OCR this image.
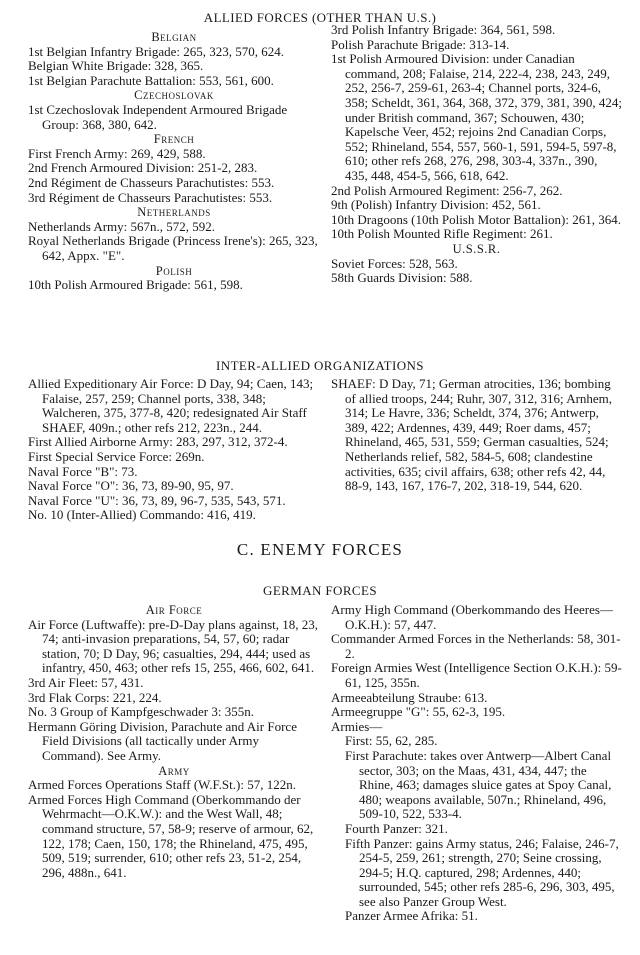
ALLIED FORCES (OTHER THAN U.S.)

Belgian

1st Belgian Infantry Brigade: 265, 323, 570, 624.

Belgian White Brigade: 328, 365.

1st Belgian Parachute Battalion: 553, 561, 600.

Czechoslovak

1st Czechoslovak Independent Armoured Brigade Group: 368, 380, 642.

French

First French Army: 269, 429, 588.

2nd French Armoured Division: 251-2, 283.

2nd Régiment de Chasseurs Parachutistes: 553.

3rd Régiment de Chasseurs Parachutistes: 553.

Netherlands

Netherlands Army: 567n., 572, 592.

Royal Netherlands Brigade (Princess Irene's): 265, 323, 642, Appx. "E".

Polish

10th Polish Armoured Brigade: 561, 598.

3rd Polish Infantry Brigade: 364, 561, 598.

Polish Parachute Brigade: 313-14.

1st Polish Armoured Division: under Canadian command, 208; Falaise, 214, 222-4, 238, 243, 249, 252, 256-7, 259-61, 263-4; Channel ports, 324-6, 358; Scheldt, 361, 364, 368, 372, 379, 381, 390, 424; under British command, 367; Schouwen, 430; Kapelsche Veer, 452; rejoins 2nd Canadian Corps, 552; Rhineland, 554, 557, 560-1, 591, 594-5, 597-8, 610; other refs 268, 276, 298, 303-4, 337n., 390, 435, 448, 454-5, 566, 618, 642.

2nd Polish Armoured Regiment: 256-7, 262.

9th (Polish) Infantry Division: 452, 561.

10th Dragoons (10th Polish Motor Battalion): 261, 364.

10th Polish Mounted Rifle Regiment: 261.

U.S.S.R.

Soviet Forces: 528, 563.

58th Guards Division: 588.

INTER-ALLIED ORGANIZATIONS

Allied Expeditionary Air Force: D Day, 94; Caen, 143; Falaise, 257, 259; Channel ports, 338, 348; Walcheren, 375, 377-8, 420; redesignated Air Staff SHAEF, 409n.; other refs 212, 223n., 244.

First Allied Airborne Army: 283, 297, 312, 372-4.

First Special Service Force: 269n.

Naval Force "B": 73.

Naval Force "O": 36, 73, 89-90, 95, 97.

Naval Force "U": 36, 73, 89, 96-7, 535, 543, 571.

No. 10 (Inter-Allied) Commando: 416, 419.

SHAEF: D Day, 71; German atrocities, 136; bombing of allied troops, 244; Ruhr, 307, 312, 316; Arnhem, 314; Le Havre, 336; Scheldt, 374, 376; Antwerp, 389, 422; Ardennes, 439, 449; Roer dams, 457; Rhineland, 465, 531, 559; German casualties, 524; Netherlands relief, 582, 584-5, 608; clandestine activities, 635; civil affairs, 638; other refs 42, 44, 88-9, 143, 167, 176-7, 202, 318-19, 544, 620.

C. ENEMY FORCES
GERMAN FORCES

Air Force

Air Force (Luftwaffe): pre-D-Day plans against, 18, 23, 74; anti-invasion preparations, 54, 57, 60; radar station, 70; D Day, 96; casualties, 294, 444; used as infantry, 450, 463; other refs 15, 255, 466, 602, 641.

3rd Air Fleet: 57, 431.

3rd Flak Corps: 221, 224.

No. 3 Group of Kampfgeschwader 3: 355n.

Hermann Göring Division, Parachute and Air Force Field Divisions (all tactically under Army Command). See Army.

Army

Armed Forces Operations Staff (W.F.St.): 57, 122n.

Armed Forces High Command (Oberkommando der Wehrmacht—O.K.W.): and the West Wall, 48; command structure, 57, 58-9; reserve of armour, 62, 122, 178; Caen, 150, 178; the Rhineland, 475, 495, 509, 519; surrender, 610; other refs 23, 51-2, 254, 296, 488n., 641.

Army High Command (Oberkommando des Heeres—O.K.H.): 57, 447.

Commander Armed Forces in the Netherlands: 58, 301-2.

Foreign Armies West (Intelligence Section O.K.H.): 59-61, 125, 355n.

Armeeabteilung Straube: 613.

Armeegruppe "G": 55, 62-3, 195.

Armies—

First: 55, 62, 285.

First Parachute: takes over Antwerp—Albert Canal sector, 303; on the Maas, 431, 434, 447; the Rhine, 463; damages sluice gates at Spoy Canal, 480; weapons available, 507n.; Rhineland, 496, 509-10, 522, 533-4.

Fourth Panzer: 321.

Fifth Panzer: gains Army status, 246; Falaise, 246-7, 254-5, 259, 261; strength, 270; Seine crossing, 294-5; H.Q. captured, 298; Ardennes, 440; surrounded, 545; other refs 285-6, 296, 303, 495, see also Panzer Group West.

Panzer Armee Afrika: 51.
